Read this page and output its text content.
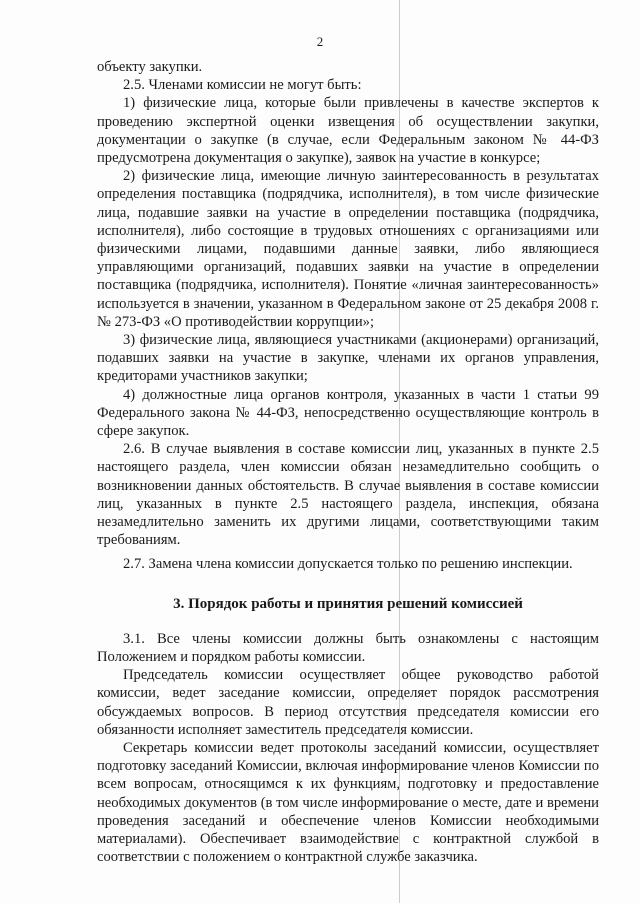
2

объекту закупки.

2.5. Членами комиссии не могут быть:

1) физические лица, которые были привлечены в качестве экспертов к проведению экспертной оценки извещения об осуществлении закупки, документации о закупке (в случае, если Федеральным законом № 44-ФЗ предусмотрена документация о закупке), заявок на участие в конкурсе;

2) физические лица, имеющие личную заинтересованность в результатах определения поставщика (подрядчика, исполнителя), в том числе физические лица, подавшие заявки на участие в определении поставщика (подрядчика, исполнителя), либо состоящие в трудовых отношениях с организациями или физическими лицами, подавшими данные заявки, либо являющиеся управляющими организаций, подавших заявки на участие в определении поставщика (подрядчика, исполнителя). Понятие «личная заинтересованность» используется в значении, указанном в Федеральном законе от 25 декабря 2008 г. № 273-ФЗ «О противодействии коррупции»;

3) физические лица, являющиеся участниками (акционерами) организаций, подавших заявки на участие в закупке, членами их органов управления, кредиторами участников закупки;

4) должностные лица органов контроля, указанных в части 1 статьи 99 Федерального закона № 44-ФЗ, непосредственно осуществляющие контроль в сфере закупок.

2.6. В случае выявления в составе комиссии лиц, указанных в пункте 2.5 настоящего раздела, член комиссии обязан незамедлительно сообщить о возникновении данных обстоятельств. В случае выявления в составе комиссии лиц, указанных в пункте 2.5 настоящего раздела, инспекция, обязана незамедлительно заменить их другими лицами, соответствующими таким требованиям.

2.7. Замена члена комиссии допускается только по решению инспекции.

3. Порядок работы и принятия решений комиссией

3.1. Все члены комиссии должны быть ознакомлены с настоящим Положением и порядком работы комиссии.

Председатель комиссии осуществляет общее руководство работой комиссии, ведет заседание комиссии, определяет порядок рассмотрения обсуждаемых вопросов. В период отсутствия председателя комиссии его обязанности исполняет заместитель председателя комиссии.

Секретарь комиссии ведет протоколы заседаний комиссии, осуществляет подготовку заседаний Комиссии, включая информирование членов Комиссии по всем вопросам, относящимся к их функциям, подготовку и предоставление необходимых документов (в том числе информирование о месте, дате и времени проведения заседаний и обеспечение членов Комиссии необходимыми материалами). Обеспечивает взаимодействие с контрактной службой в соответствии с положением о контрактной службе заказчика.
